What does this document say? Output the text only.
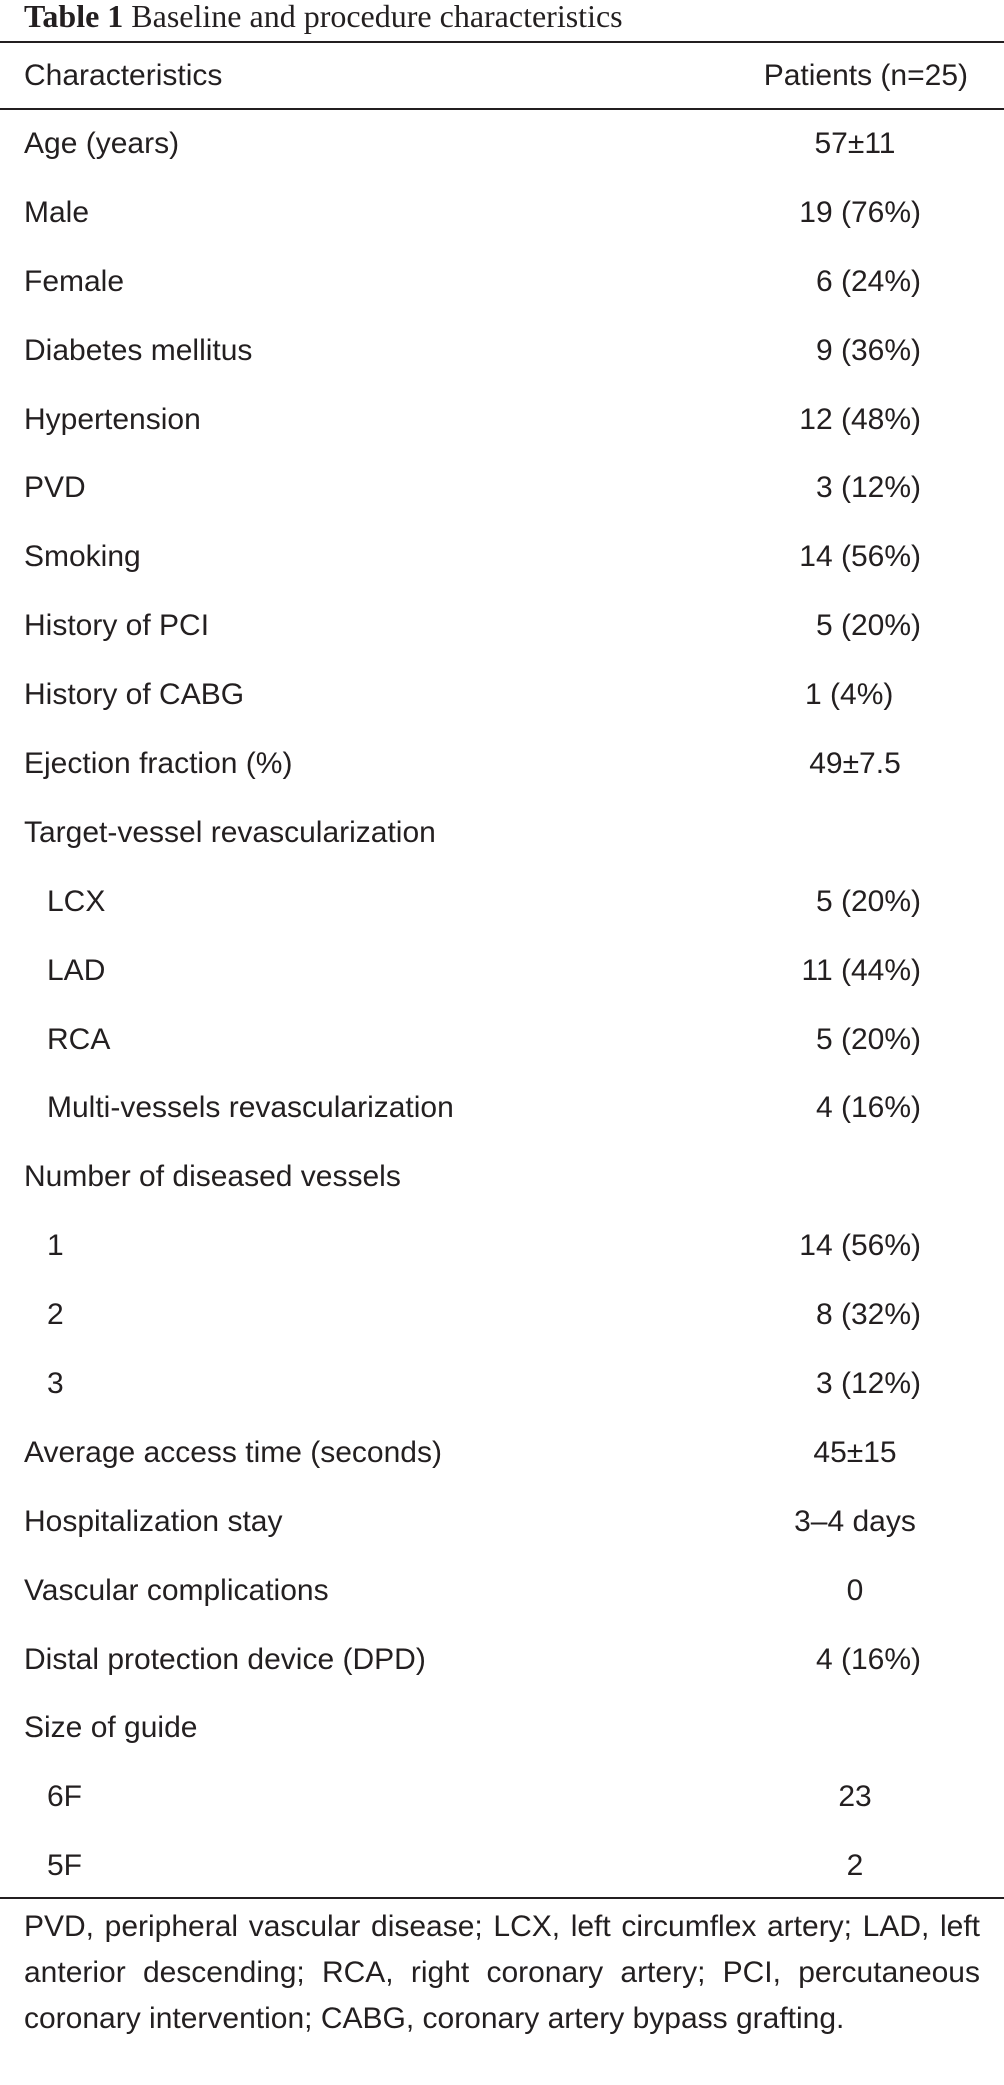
Table 1 Baseline and procedure characteristics
Characteristics	Patients (n=25)
Age (years)	57±11
Male	19 (76%)
Female	6 (24%)
Diabetes mellitus	9 (36%)
Hypertension	12 (48%)
PVD	3 (12%)
Smoking	14 (56%)
History of PCI	5 (20%)
History of CABG	1 (4%)
Ejection fraction (%)	49±7.5
Target-vessel revascularization
LCX	5 (20%)
LAD	11 (44%)
RCA	5 (20%)
Multi-vessels revascularization	4 (16%)
Number of diseased vessels
1	14 (56%)
2	8 (32%)
3	3 (12%)
Average access time (seconds)	45±15
Hospitalization stay	3–4 days
Vascular complications	0
Distal protection device (DPD)	4 (16%)
Size of guide
6F	23
5F	2
PVD, peripheral vascular disease; LCX, left circumflex artery; LAD, left anterior descending; RCA, right coronary artery; PCI, percutaneous coronary intervention; CABG, coronary artery bypass grafting.
